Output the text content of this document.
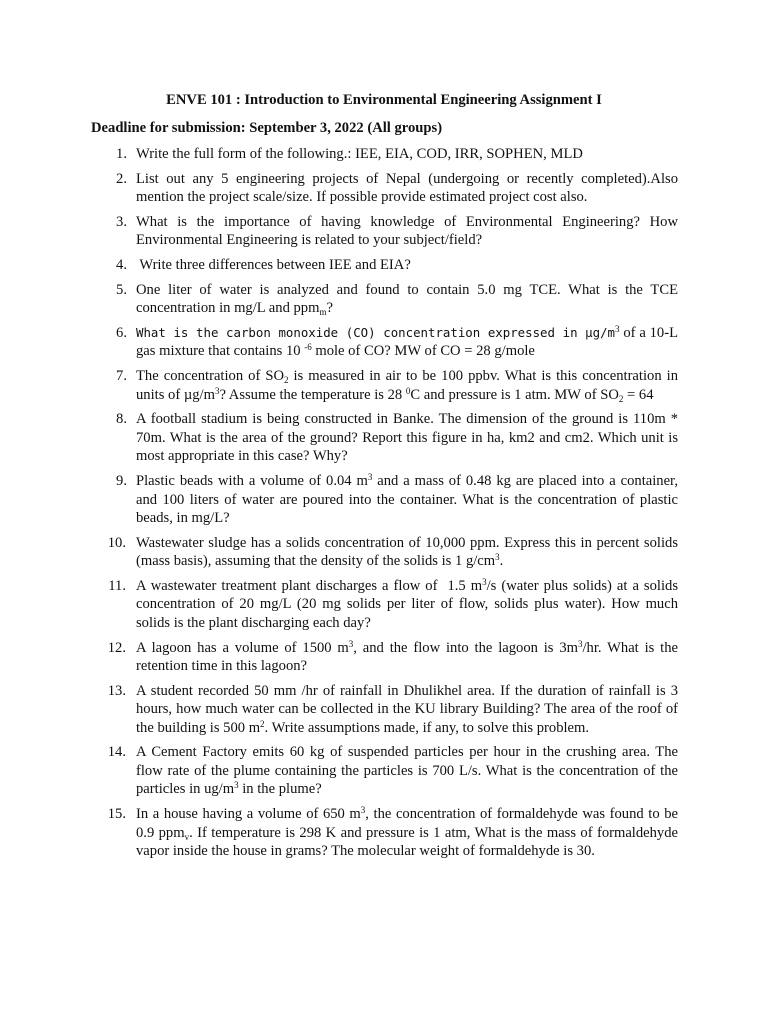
ENVE 101 : Introduction to Environmental Engineering Assignment I
Deadline for submission: September 3, 2022 (All groups)
1. Write the full form of the following.: IEE, EIA, COD, IRR, SOPHEN, MLD
2. List out any 5 engineering projects of Nepal (undergoing or recently completed).Also mention the project scale/size. If possible provide estimated project cost also.
3. What is the importance of having knowledge of Environmental Engineering? How Environmental Engineering is related to your subject/field?
4. Write three differences between IEE and EIA?
5. One liter of water is analyzed and found to contain 5.0 mg TCE. What is the TCE concentration in mg/L and ppm$_m$?
6. What is the carbon monoxide (CO) concentration expressed in $\mu g/m^3$ of a 10-L gas mixture that contains 10 $^{-6}$ mole of CO? MW of CO = 28 g/mole
7. The concentration of $SO_2$ is measured in air to be 100 ppbv. What is this concentration in units of $\mu g/m^3$? Assume the temperature is 28 $^0$C and pressure is 1 atm. MW of $SO_2 = 64$
8. A football stadium is being constructed in Banke. The dimension of the ground is 110m * 70m. What is the area of the ground? Report this figure in ha, km2 and cm2. Which unit is most appropriate in this case? Why?
9. Plastic beads with a volume of 0.04 $m^3$ and a mass of 0.48 kg are placed into a container, and 100 liters of water are poured into the container. What is the concentration of plastic beads, in mg/L?
10. Wastewater sludge has a solids concentration of 10,000 ppm. Express this in percent solids (mass basis), assuming that the density of the solids is 1 $g/cm^3$.
11. A wastewater treatment plant discharges a flow of  1.5 $m^3/s$ (water plus solids) at a solids concentration of 20 mg/L (20 mg solids per liter of flow, solids plus water). How much solids is the plant discharging each day?
12. A lagoon has a volume of 1500 $m^3$, and the flow into the lagoon is $3m^3/hr$. What is the retention time in this lagoon?
13. A student recorded 50 mm /hr of rainfall in Dhulikhel area. If the duration of rainfall is 3 hours, how much water can be collected in the KU library Building? The area of the roof of the building is 500 $m^2$. Write assumptions made, if any, to solve this problem.
14. A Cement Factory emits 60 kg of suspended particles per hour in the crushing area. The flow rate of the plume containing the particles is 700 L/s. What is the concentration of the particles in $ug/m^3$ in the plume?
15. In a house having a volume of 650 $m^3$, the concentration of formaldehyde was found to be 0.9 ppm$_v$. If temperature is 298 K and pressure is 1 atm, What is the mass of formaldehyde vapor inside the house in grams? The molecular weight of formaldehyde is 30.
